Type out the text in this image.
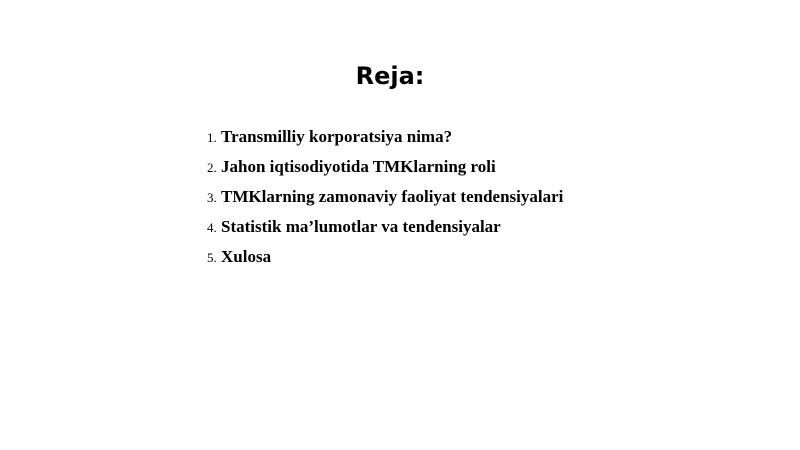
Reja:
1. Transmilliy korporatsiya nima?
2. Jahon iqtisodiyotida TMKlarning roli
3. TMKlarning zamonaviy faoliyat tendensiyalari
4. Statistik ma’lumotlar va tendensiyalar
5. Xulosa
